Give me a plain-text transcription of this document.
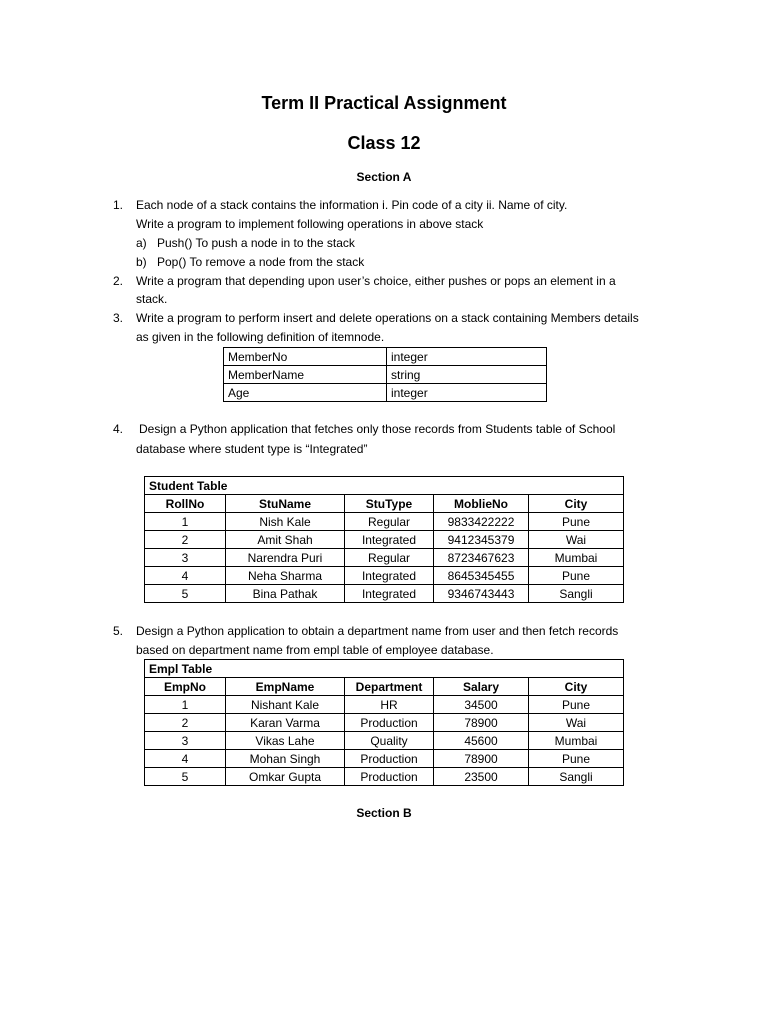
Term II Practical Assignment
Class 12
Section A
1. Each node of a stack contains the information i. Pin code of a city ii. Name of city.
Write a program to implement following operations in above stack
a) Push() To push a node in to the stack
b) Pop() To remove a node from the stack
2. Write a program that depending upon user’s choice, either pushes or pops an element in a
stack.
3. Write a program to perform insert and delete operations on a stack containing Members details
as given in the following definition of itemnode.
MemberNo	integer
MemberName	string
Age	integer
4. Design a Python application that fetches only those records from Students table of School
database where student type is “Integrated”
Student Table				
RollNo	StuName	StuType	MoblieNo	City
1	Nish Kale	Regular	9833422222	Pune
2	Amit Shah	Integrated	9412345379	Wai
3	Narendra Puri	Regular	8723467623	Mumbai
4	Neha Sharma	Integrated	8645345455	Pune
5	Bina Pathak	Integrated	9346743443	Sangli
5. Design a Python application to obtain a department name from user and then fetch records
based on department name from empl table of employee database.
Empl Table				
EmpNo	EmpName	Department	Salary	City
1	Nishant Kale	HR	34500	Pune
2	Karan Varma	Production	78900	Wai
3	Vikas Lahe	Quality	45600	Mumbai
4	Mohan Singh	Production	78900	Pune
5	Omkar Gupta	Production	23500	Sangli
Section B
